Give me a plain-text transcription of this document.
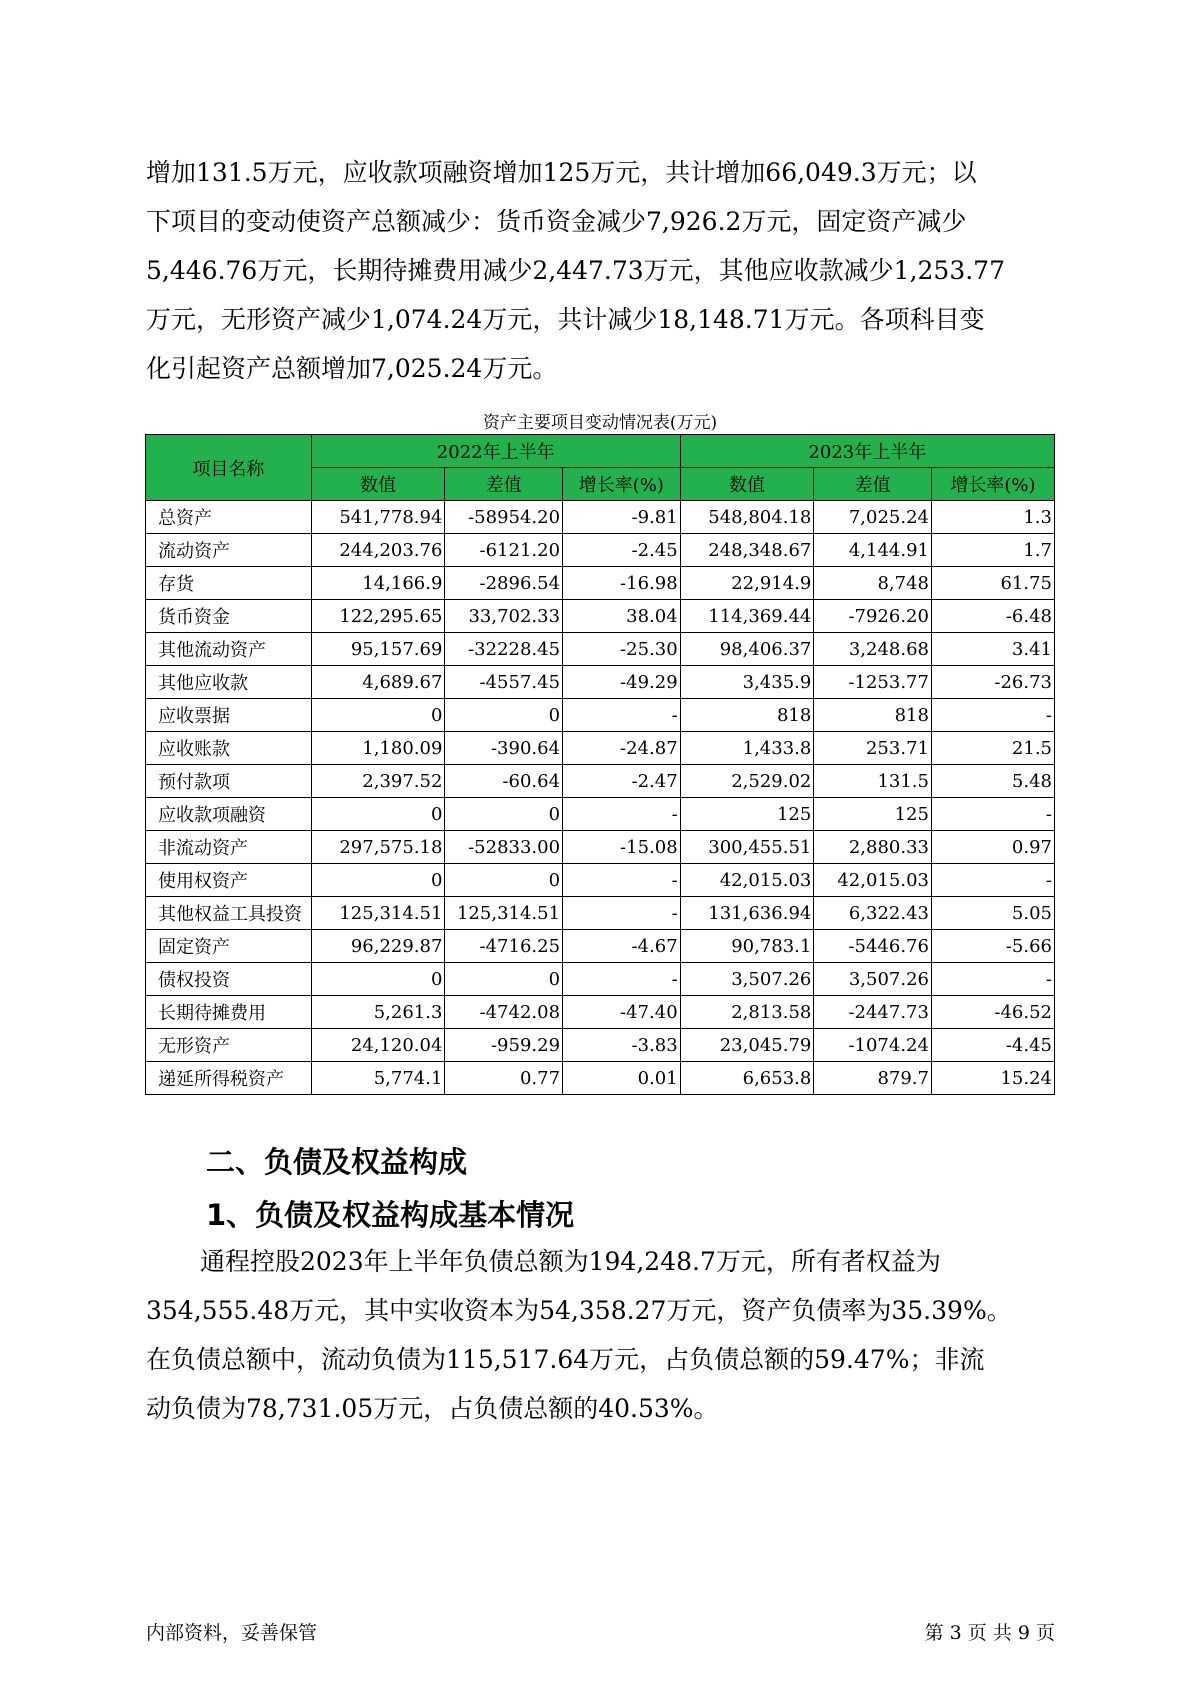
增加131.5万元，应收款项融资增加125万元，共计增加66,049.3万元；以
下项目的变动使资产总额减少：货币资金减少7,926.2万元，固定资产减少
5,446.76万元，长期待摊费用减少2,447.73万元，其他应收款减少1,253.77
万元，无形资产减少1,074.24万元，共计减少18,148.71万元。各项科目变
化引起资产总额增加7,025.24万元。
资产主要项目变动情况表(万元)
项目名称	2022年上半年			2023年上半年		
	数值	差值	增长率(%)	数值	差值	增长率(%)
总资产	541,778.94	-58954.20	-9.81	548,804.18	7,025.24	1.3
流动资产	244,203.76	-6121.20	-2.45	248,348.67	4,144.91	1.7
存货	14,166.9	-2896.54	-16.98	22,914.9	8,748	61.75
货币资金	122,295.65	33,702.33	38.04	114,369.44	-7926.20	-6.48
其他流动资产	95,157.69	-32228.45	-25.30	98,406.37	3,248.68	3.41
其他应收款	4,689.67	-4557.45	-49.29	3,435.9	-1253.77	-26.73
应收票据	0	0	-	818	818	-
应收账款	1,180.09	-390.64	-24.87	1,433.8	253.71	21.5
预付款项	2,397.52	-60.64	-2.47	2,529.02	131.5	5.48
应收款项融资	0	0	-	125	125	-
非流动资产	297,575.18	-52833.00	-15.08	300,455.51	2,880.33	0.97
使用权资产	0	0	-	42,015.03	42,015.03	-
其他权益工具投资	125,314.51	125,314.51	-	131,636.94	6,322.43	5.05
固定资产	96,229.87	-4716.25	-4.67	90,783.1	-5446.76	-5.66
债权投资	0	0	-	3,507.26	3,507.26	-
长期待摊费用	5,261.3	-4742.08	-47.40	2,813.58	-2447.73	-46.52
无形资产	24,120.04	-959.29	-3.83	23,045.79	-1074.24	-4.45
递延所得税资产	5,774.1	0.77	0.01	6,653.8	879.7	15.24
二、负债及权益构成
1、负债及权益构成基本情况
通程控股2023年上半年负债总额为194,248.7万元，所有者权益为
354,555.48万元，其中实收资本为54,358.27万元，资产负债率为35.39%。
在负债总额中，流动负债为115,517.64万元，占负债总额的59.47%；非流
动负债为78,731.05万元，占负债总额的40.53%。
内部资料，妥善保管	第 3 页 共 9 页
